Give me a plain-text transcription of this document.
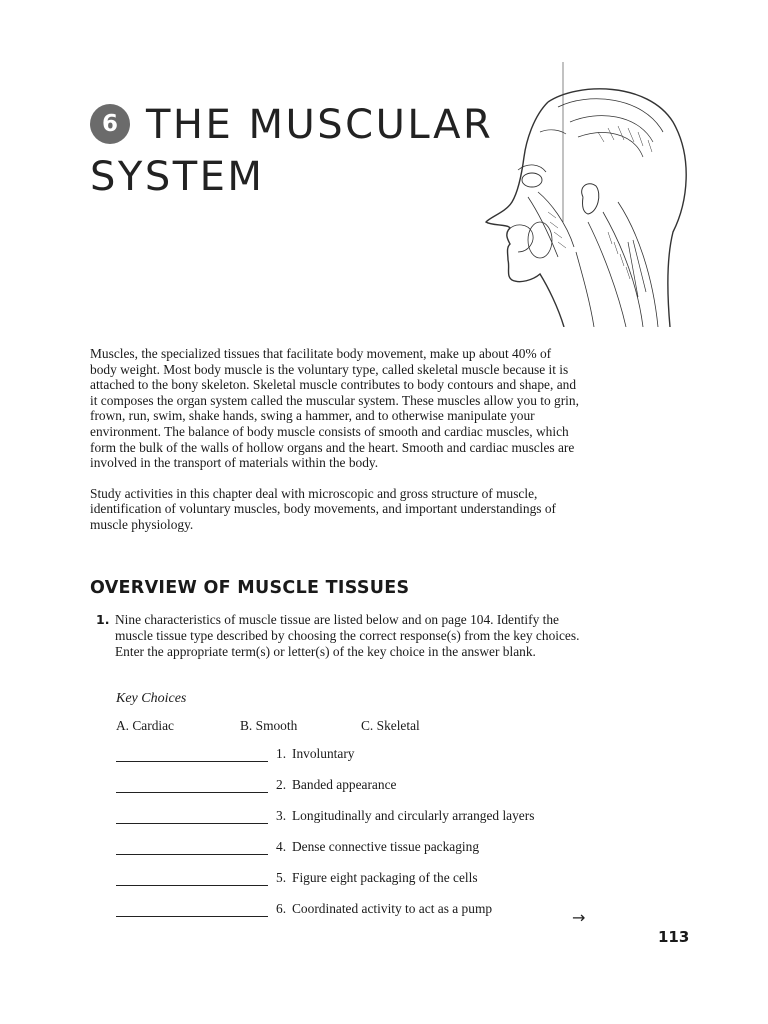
6 THE MUSCULAR
SYSTEM

Muscles, the specialized tissues that facilitate body movement, make up about 40% of body weight. Most body muscle is the voluntary type, called skeletal muscle because it is attached to the bony skeleton. Skeletal muscle contributes to body contours and shape, and it composes the organ system called the muscular system. These muscles allow you to grin, frown, run, swim, shake hands, swing a hammer, and to otherwise manipulate your environment. The balance of body muscle consists of smooth and cardiac muscles, which form the bulk of the walls of hollow organs and the heart. Smooth and cardiac muscles are involved in the transport of materials within the body.

Study activities in this chapter deal with microscopic and gross structure of muscle, identification of voluntary muscles, body movements, and important understandings of muscle physiology.

OVERVIEW OF MUSCLE TISSUES
1. Nine characteristics of muscle tissue are listed below and on page 104. Identify the muscle tissue type described by choosing the correct response(s) from the key choices. Enter the appropriate term(s) or letter(s) of the key choice in the answer blank.
Key Choices
A. Cardiac	B. Smooth	C. Skeletal
1. Involuntary
2. Banded appearance
3. Longitudinally and circularly arranged layers
4. Dense connective tissue packaging
5. Figure eight packaging of the cells
6. Coordinated activity to act as a pump	→
113
